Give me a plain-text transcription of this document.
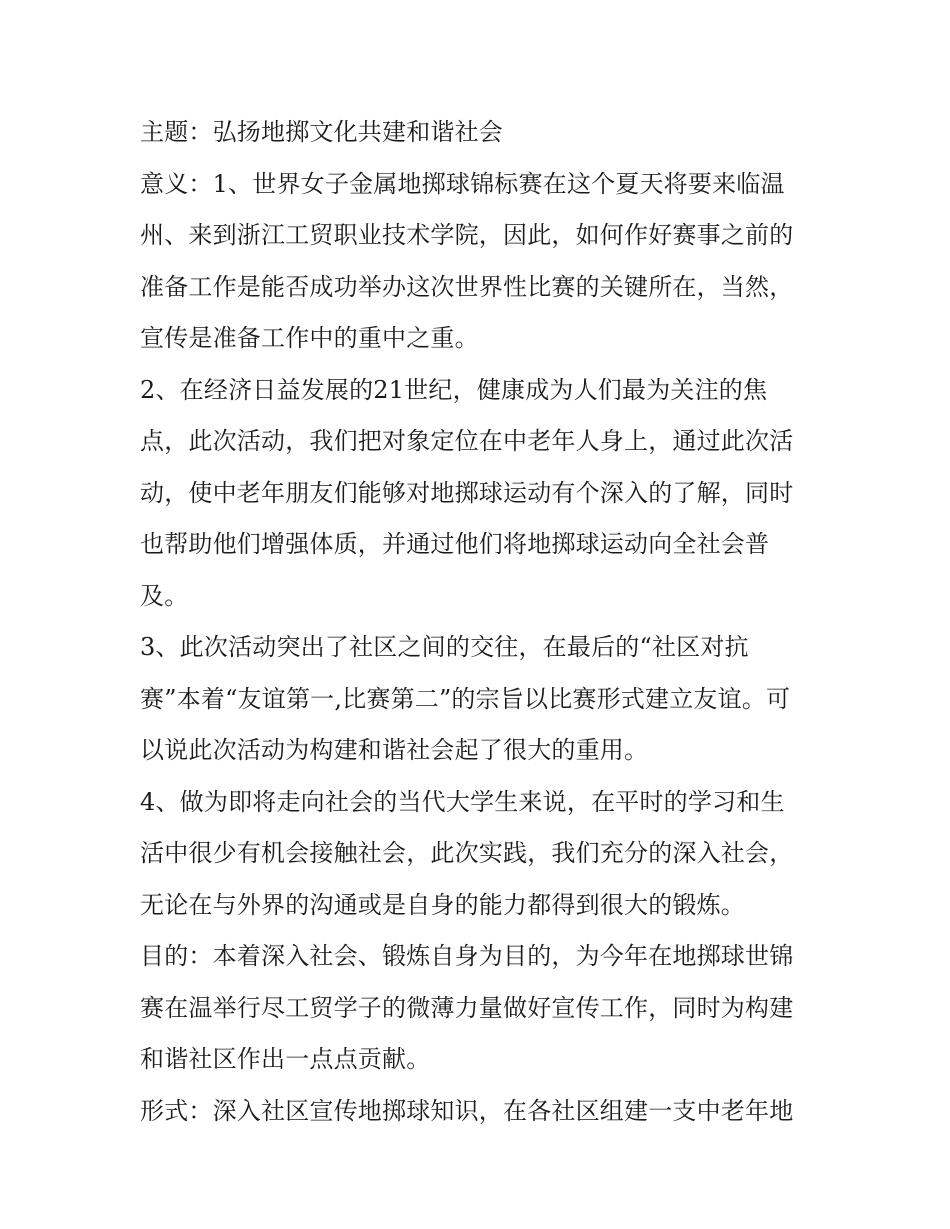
主题：弘扬地掷文化共建和谐社会
意义：1、世界女子金属地掷球锦标赛在这个夏天将要来临温
州、来到浙江工贸职业技术学院，因此，如何作好赛事之前的
准备工作是能否成功举办这次世界性比赛的关键所在，当然，
宣传是准备工作中的重中之重。
2、在经济日益发展的21世纪，健康成为人们最为关注的焦
点，此次活动，我们把对象定位在中老年人身上，通过此次活
动，使中老年朋友们能够对地掷球运动有个深入的了解，同时
也帮助他们增强体质，并通过他们将地掷球运动向全社会普
及。
3、此次活动突出了社区之间的交往，在最后的“社区对抗
赛”本着“友谊第一,比赛第二”的宗旨以比赛形式建立友谊。可
以说此次活动为构建和谐社会起了很大的重用。
4、做为即将走向社会的当代大学生来说，在平时的学习和生
活中很少有机会接触社会，此次实践，我们充分的深入社会，
无论在与外界的沟通或是自身的能力都得到很大的锻炼。
目的：本着深入社会、锻炼自身为目的，为今年在地掷球世锦
赛在温举行尽工贸学子的微薄力量做好宣传工作，同时为构建
和谐社区作出一点点贡献。
形式：深入社区宣传地掷球知识，在各社区组建一支中老年地
